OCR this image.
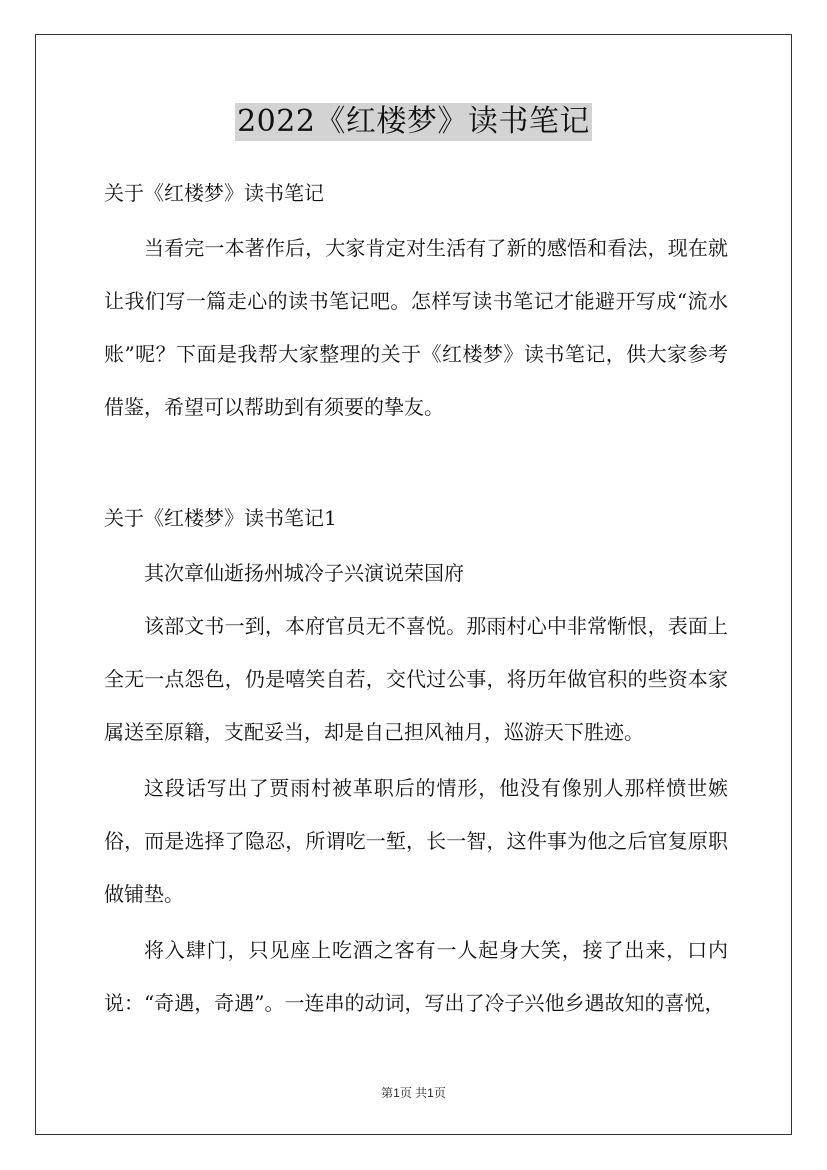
2022《红楼梦》读书笔记

关于《红楼梦》读书笔记

当看完一本著作后，大家肯定对生活有了新的感悟和看法，现在就让我们写一篇走心的读书笔记吧。怎样写读书笔记才能避开写成“流水账”呢？下面是我帮大家整理的关于《红楼梦》读书笔记，供大家参考借鉴，希望可以帮助到有须要的挚友。

关于《红楼梦》读书笔记1

其次章仙逝扬州城冷子兴演说荣国府

该部文书一到，本府官员无不喜悦。那雨村心中非常惭恨，表面上全无一点怨色，仍是嘻笑自若，交代过公事，将历年做官积的些资本家属送至原籍，支配妥当，却是自己担风袖月，巡游天下胜迹。

这段话写出了贾雨村被革职后的情形，他没有像别人那样愤世嫉俗，而是选择了隐忍，所谓吃一堑，长一智，这件事为他之后官复原职做铺垫。

将入肆门，只见座上吃酒之客有一人起身大笑，接了出来，口内说：“奇遇，奇遇”。一连串的动词，写出了冷子兴他乡遇故知的喜悦，

第1页 共1页
